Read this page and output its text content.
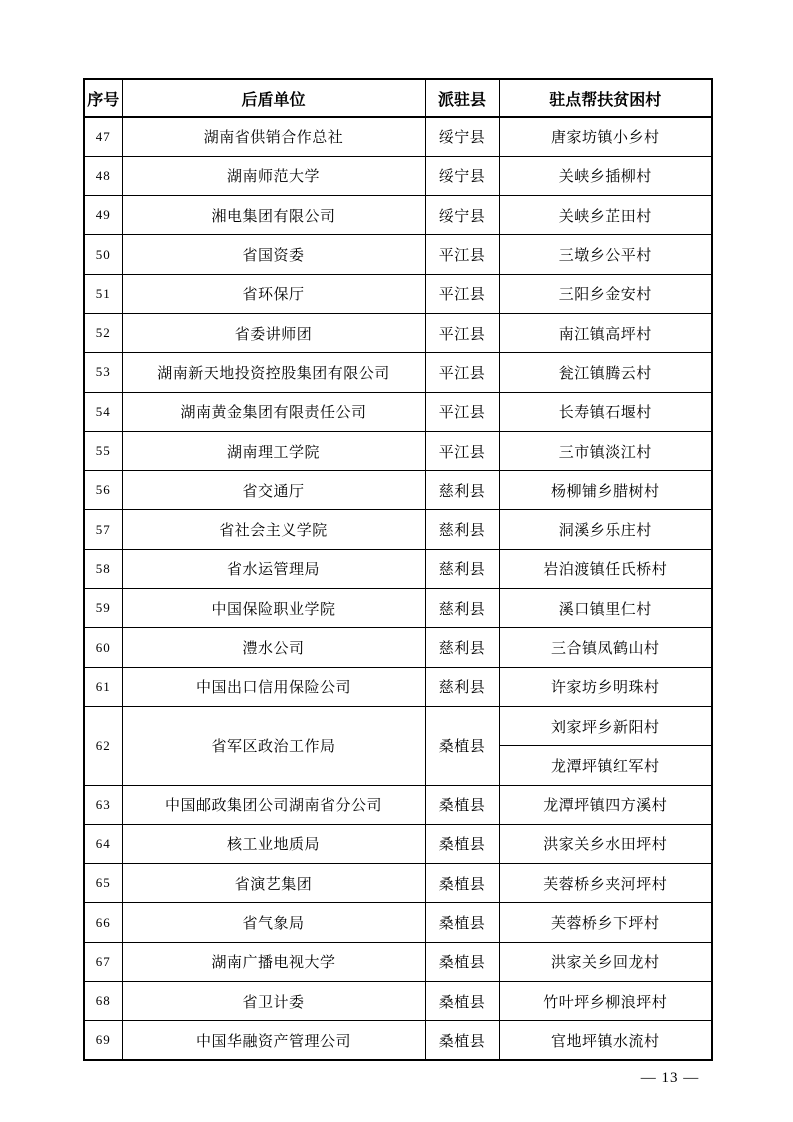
序号	后盾单位	派驻县	驻点帮扶贫困村
47	湖南省供销合作总社	绥宁县	唐家坊镇小乡村
48	湖南师范大学	绥宁县	关峡乡插柳村
49	湘电集团有限公司	绥宁县	关峡乡芷田村
50	省国资委	平江县	三墩乡公平村
51	省环保厅	平江县	三阳乡金安村
52	省委讲师团	平江县	南江镇高坪村
53	湖南新天地投资控股集团有限公司	平江县	瓮江镇腾云村
54	湖南黄金集团有限责任公司	平江县	长寿镇石堰村
55	湖南理工学院	平江县	三市镇淡江村
56	省交通厅	慈利县	杨柳铺乡腊树村
57	省社会主义学院	慈利县	洞溪乡乐庄村
58	省水运管理局	慈利县	岩泊渡镇任氏桥村
59	中国保险职业学院	慈利县	溪口镇里仁村
60	澧水公司	慈利县	三合镇凤鹤山村
61	中国出口信用保险公司	慈利县	许家坊乡明珠村
62	省军区政治工作局	桑植县	刘家坪乡新阳村
			龙潭坪镇红军村
63	中国邮政集团公司湖南省分公司	桑植县	龙潭坪镇四方溪村
64	核工业地质局	桑植县	洪家关乡水田坪村
65	省演艺集团	桑植县	芙蓉桥乡夹河坪村
66	省气象局	桑植县	芙蓉桥乡下坪村
67	湖南广播电视大学	桑植县	洪家关乡回龙村
68	省卫计委	桑植县	竹叶坪乡柳浪坪村
69	中国华融资产管理公司	桑植县	官地坪镇水流村
— 13 —
